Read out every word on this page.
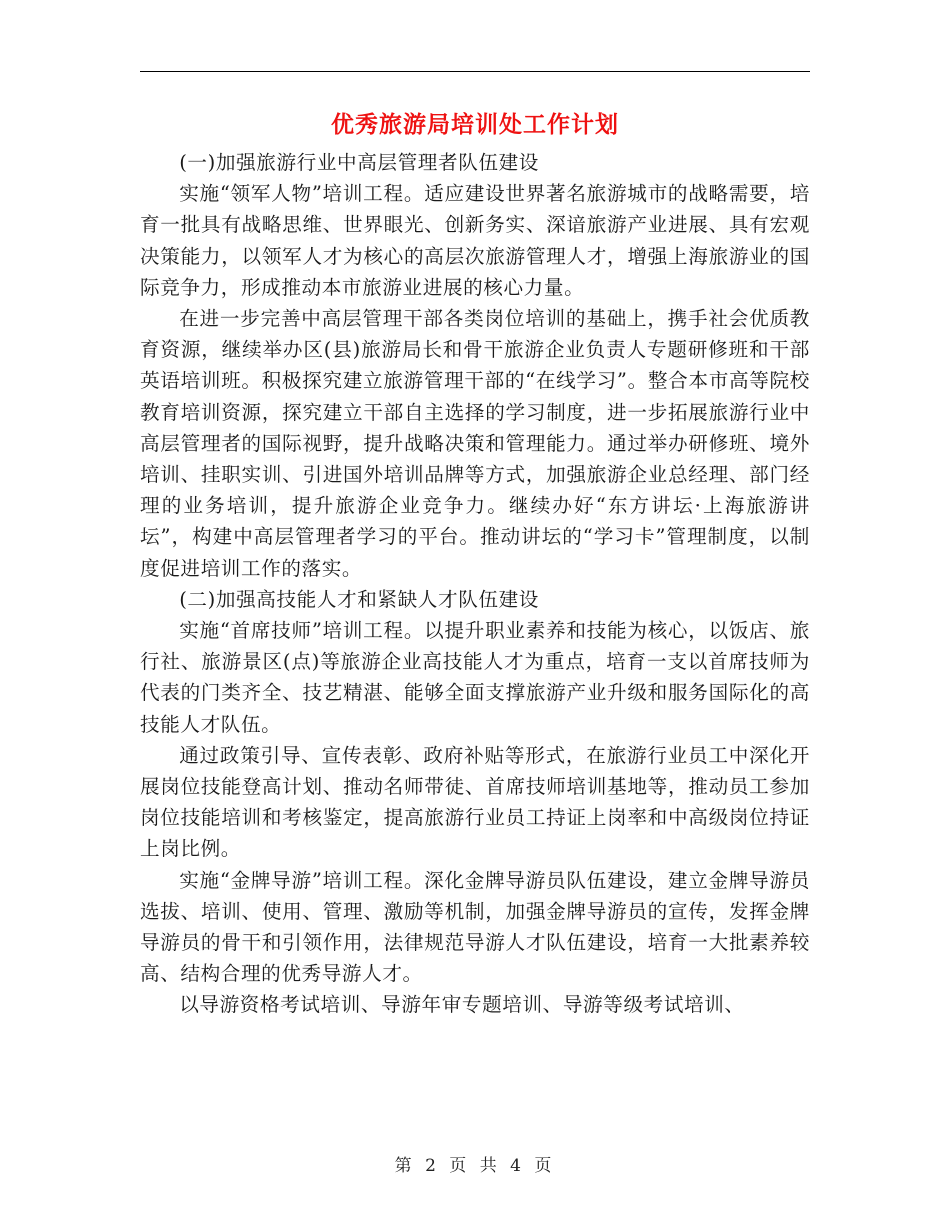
优秀旅游局培训处工作计划

(一)加强旅游行业中高层管理者队伍建设

实施“领军人物”培训工程。适应建设世界著名旅游城市的战略需要，培育一批具有战略思维、世界眼光、创新务实、深谙旅游产业进展、具有宏观决策能力，以领军人才为核心的高层次旅游管理人才，增强上海旅游业的国际竞争力，形成推动本市旅游业进展的核心力量。

在进一步完善中高层管理干部各类岗位培训的基础上，携手社会优质教育资源，继续举办区(县)旅游局长和骨干旅游企业负责人专题研修班和干部英语培训班。积极探究建立旅游管理干部的“在线学习”。整合本市高等院校教育培训资源，探究建立干部自主选择的学习制度，进一步拓展旅游行业中高层管理者的国际视野，提升战略决策和管理能力。通过举办研修班、境外培训、挂职实训、引进国外培训品牌等方式，加强旅游企业总经理、部门经理的业务培训，提升旅游企业竞争力。继续办好“东方讲坛·上海旅游讲坛”，构建中高层管理者学习的平台。推动讲坛的“学习卡”管理制度，以制度促进培训工作的落实。

(二)加强高技能人才和紧缺人才队伍建设

实施“首席技师”培训工程。以提升职业素养和技能为核心，以饭店、旅行社、旅游景区(点)等旅游企业高技能人才为重点，培育一支以首席技师为代表的门类齐全、技艺精湛、能够全面支撑旅游产业升级和服务国际化的高技能人才队伍。

通过政策引导、宣传表彰、政府补贴等形式，在旅游行业员工中深化开展岗位技能登高计划、推动名师带徒、首席技师培训基地等，推动员工参加岗位技能培训和考核鉴定，提高旅游行业员工持证上岗率和中高级岗位持证上岗比例。

实施“金牌导游”培训工程。深化金牌导游员队伍建设，建立金牌导游员选拔、培训、使用、管理、激励等机制，加强金牌导游员的宣传，发挥金牌导游员的骨干和引领作用，法律规范导游人才队伍建设，培育一大批素养较高、结构合理的优秀导游人才。

以导游资格考试培训、导游年审专题培训、导游等级考试培训、

第 2 页 共 4 页
